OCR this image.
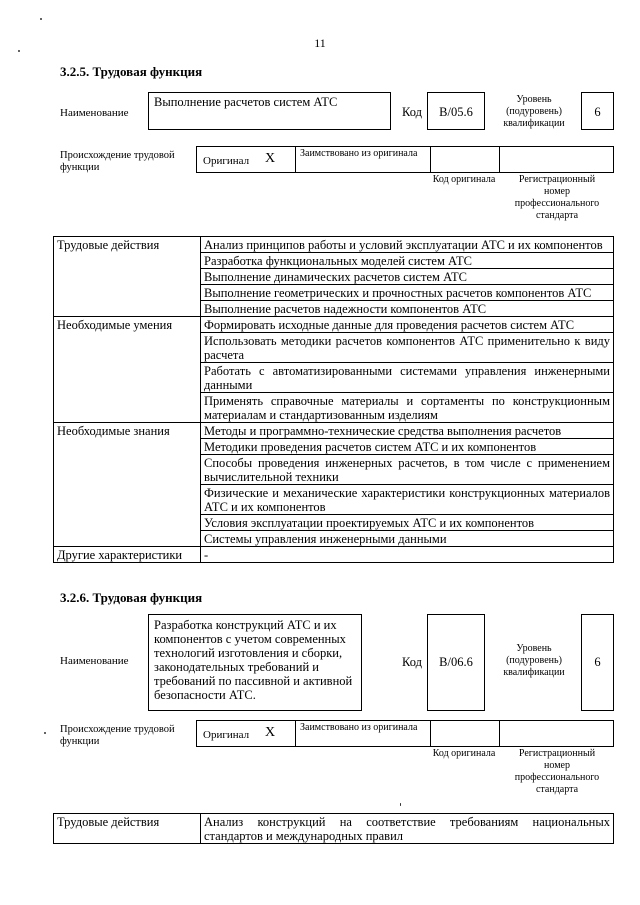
11
3.2.5. Трудовая функция
Наименование
Выполнение расчетов систем АТС
Код	B/05.6
Уровень (подуровень) квалификации
6
Происхождение трудовой функции
Оригинал X Заимствовано из оригинала
Код оригинала	Регистрационный номер профессионального стандарта
Трудовые действия	Анализ принципов работы и условий эксплуатации АТС и их компонентов
	Разработка функциональных моделей систем АТС
	Выполнение динамических расчетов систем АТС
	Выполнение геометрических и прочностных расчетов компонентов АТС
	Выполнение расчетов надежности компонентов АТС
Необходимые умения	Формировать исходные данные для проведения расчетов систем АТС
	Использовать методики расчетов компонентов АТС применительно к виду расчета
	Работать с автоматизированными системами управления инженерными данными
	Применять справочные материалы и сортаменты по конструкционным материалам и стандартизованным изделиям
Необходимые знания	Методы и программно-технические средства выполнения расчетов
	Методики проведения расчетов систем АТС и их компонентов
	Способы проведения инженерных расчетов, в том числе с применением вычислительной техники
	Физические и механические характеристики конструкционных материалов АТС и их компонентов
	Условия эксплуатации проектируемых АТС и их компонентов
	Системы управления инженерными данными
Другие характеристики	-
3.2.6. Трудовая функция
Наименование
Разработка конструкций АТС и их компонентов с учетом современных технологий изготовления и сборки, законодательных требований и требований по пассивной и активной безопасности АТС.
Код	B/06.6
Уровень (подуровень) квалификации
6
Происхождение трудовой функции
Оригинал X Заимствовано из оригинала
Код оригинала	Регистрационный номер профессионального стандарта
Трудовые действия	Анализ конструкций на соответствие требованиям национальных стандартов и международных правил
